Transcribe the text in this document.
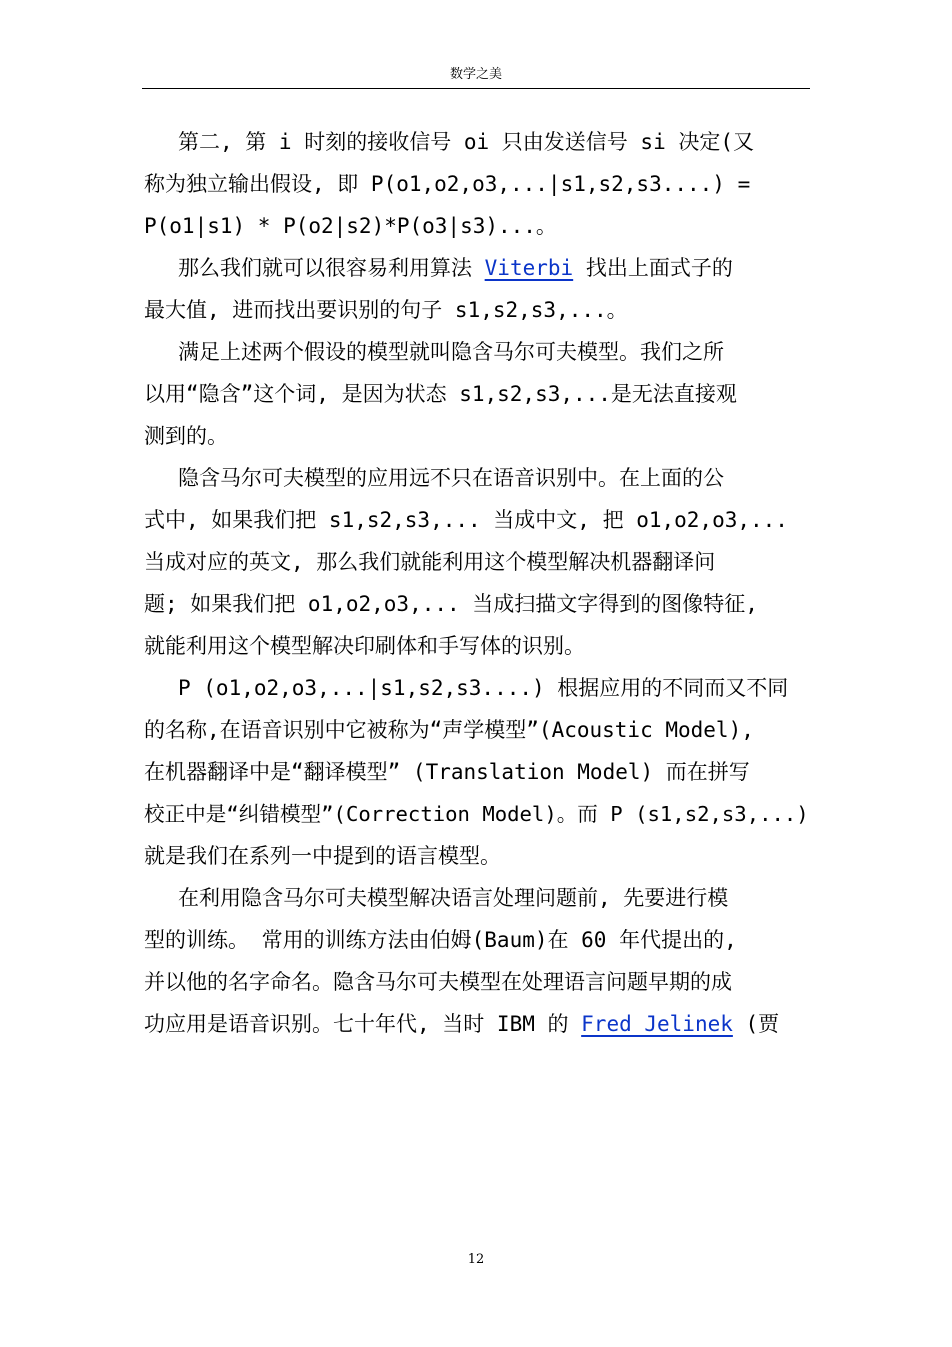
数学之美
第二, 第 i 时刻的接收信号 oi 只由发送信号 si 决定(又
称为独立输出假设, 即 P(o1,o2,o3,...|s1,s2,s3....) =
P(o1|s1) * P(o2|s2)*P(o3|s3)...。
那么我们就可以很容易利用算法 Viterbi 找出上面式子的
最大值, 进而找出要识别的句子 s1,s2,s3,...。
满足上述两个假设的模型就叫隐含马尔可夫模型。我们之所
以用“隐含”这个词, 是因为状态 s1,s2,s3,...是无法直接观
测到的。
隐含马尔可夫模型的应用远不只在语音识别中。在上面的公
式中, 如果我们把 s1,s2,s3,... 当成中文, 把 o1,o2,o3,...
当成对应的英文, 那么我们就能利用这个模型解决机器翻译问
题; 如果我们把 o1,o2,o3,... 当成扫描文字得到的图像特征,
就能利用这个模型解决印刷体和手写体的识别。
P (o1,o2,o3,...|s1,s2,s3....) 根据应用的不同而又不同
的名称,在语音识别中它被称为“声学模型”(Acoustic Model),
在机器翻译中是“翻译模型” (Translation Model) 而在拼写
校正中是“纠错模型”(Correction Model)。而 P (s1,s2,s3,...)
就是我们在系列一中提到的语言模型。
在利用隐含马尔可夫模型解决语言处理问题前, 先要进行模
型的训练。 常用的训练方法由伯姆(Baum)在 60 年代提出的,
并以他的名字命名。隐含马尔可夫模型在处理语言问题早期的成
功应用是语音识别。七十年代, 当时 IBM 的 Fred Jelinek (贾
12
